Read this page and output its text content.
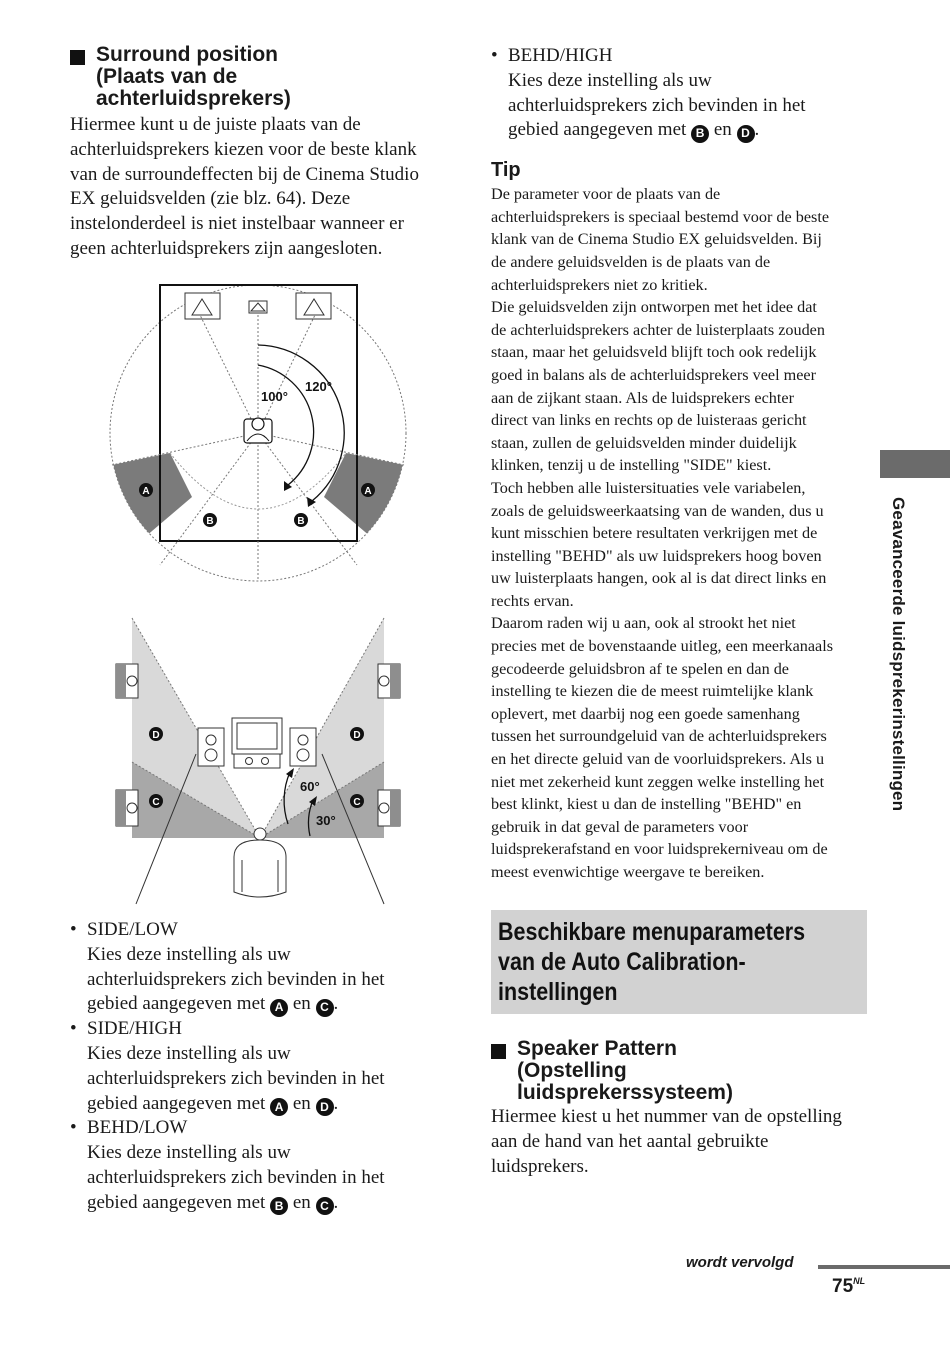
Surround position
(Plaats van de
achterluidsprekers)
Hiermee kunt u de juiste plaats van de
achterluidsprekers kiezen voor de beste klank
van de surroundeffecten bij de Cinema Studio
EX geluidsvelden (zie blz. 64). Deze
instelonderdeel is niet instelbaar wanneer er
geen achterluidsprekers zijn aangesloten.
100°
120°
A	A
B	B
60°
30°
D	D
C	C
• SIDE/LOW
Kies deze instelling als uw
achterluidsprekers zich bevinden in het
gebied aangegeven met A en C .
• SIDE/HIGH
Kies deze instelling als uw
achterluidsprekers zich bevinden in het
gebied aangegeven met A en D .
• BEHD/LOW
Kies deze instelling als uw
achterluidsprekers zich bevinden in het
gebied aangegeven met B en C .
• BEHD/HIGH
Kies deze instelling als uw
achterluidsprekers zich bevinden in het
gebied aangegeven met B en D .
Tip

De parameter voor de plaats van de

achterluidsprekers is speciaal bestemd voor de beste

klank van de Cinema Studio EX geluidsvelden. Bij

de andere geluidsvelden is de plaats van de

achterluidsprekers niet zo kritiek.

Die geluidsvelden zijn ontworpen met het idee dat

de achterluidsprekers achter de luisterplaats zouden

staan, maar het geluidsveld blijft toch ook redelijk

goed in balans als de achterluidsprekers veel meer

aan de zijkant staan. Als de luidsprekers echter

direct van links en rechts op de luisteraas gericht

staan, zullen de geluidsvelden minder duidelijk

klinken, tenzij u de instelling "SIDE" kiest.

Toch hebben alle luistersituaties vele variabelen,

zoals de geluidsweerkaatsing van de wanden, dus u

kunt misschien betere resultaten verkrijgen met de

instelling "BEHD" als uw luidsprekers hoog boven

uw luisterplaats hangen, ook al is dat direct links en

rechts ervan.

Daarom raden wij u aan, ook al strookt het niet

precies met de bovenstaande uitleg, een meerkanaals

gecodeerde geluidsbron af te spelen en dan de

instelling te kiezen die de meest ruimtelijke klank

oplevert, met daarbij nog een goede samenhang

tussen het surroundgeluid van de achterluidsprekers

en het directe geluid van de voorluidsprekers. Als u

niet met zekerheid kunt zeggen welke instelling het

best klinkt, kiest u dan de instelling "BEHD" en

gebruik in dat geval de parameters voor

luidsprekerafstand en voor luidsprekerniveau om de

meest evenwichtige weergave te bereiken.

Beschikbare menuparameters
van de Auto Calibration-
instellingen
Speaker Pattern
(Opstelling
luidsprekerssysteem)
Hiermee kiest u het nummer van de opstelling
aan de hand van het aantal gebruikte
luidsprekers.
Geavanceerde luidsprekerinstellingen
wordt vervolgd
$75^{NL}$
